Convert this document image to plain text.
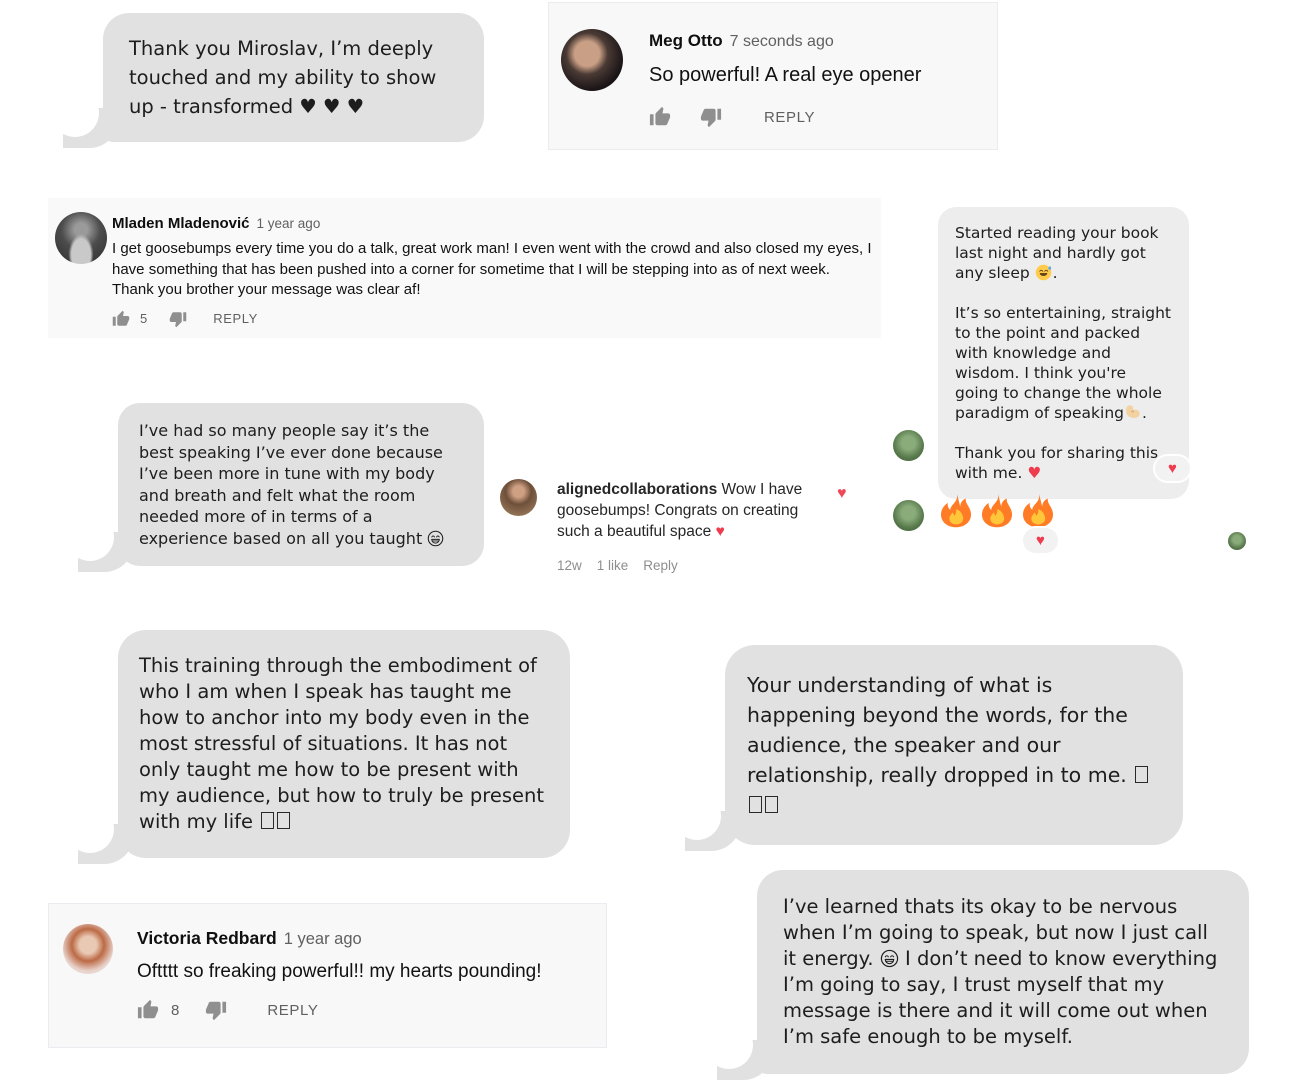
Thank you Miroslav, I’m deeply touched and my ability to show up - transformed ♥ ♥ ♥
Meg Otto 7 seconds ago
So powerful! A real eye opener
REPLY
Mladen Mladenović 1 year ago
I get goosebumps every time you do a talk, great work man! I even went with the crowd and also closed my eyes, I have something that has been pushed into a corner for sometime that I will be stepping into as of next week. Thank you brother your message was clear af!
5	REPLY

Started reading your book last night and hardly got any sleep
.

It’s so entertaining, straight to the point and packed with knowledge and wisdom. I think you're going to change the whole paradigm of speaking .

Thank you for sharing this with me. ♥	♥
I’ve had so many people say it’s the best speaking I’ve ever done because I’ve been more in tune with my body and breath and felt what the room needed more of in terms of a experience based on all you taught
alignedcollaborations Wow I have goosebumps! Congrats on creating such a beautiful space ♥
12w 1 like Reply
♥
♥
This training through the embodiment of who I am when I speak has taught me how to anchor into my body even in the most stressful of situations. It has not only taught me how to be present with my audience, but how to truly be present with my life
Your understanding of what is happening beyond the words, for the audience, the speaker and our relationship, really dropped in to me.
Victoria Redbard 1 year ago
Oftttt so freaking powerful!! my hearts pounding!
8	REPLY
I’ve learned thats its okay to be nervous when I’m going to speak, but now I just call it energy.
I don’t need to know everything I’m going to say, I trust myself that my message is there and it will come out when I’m safe enough to be myself.
